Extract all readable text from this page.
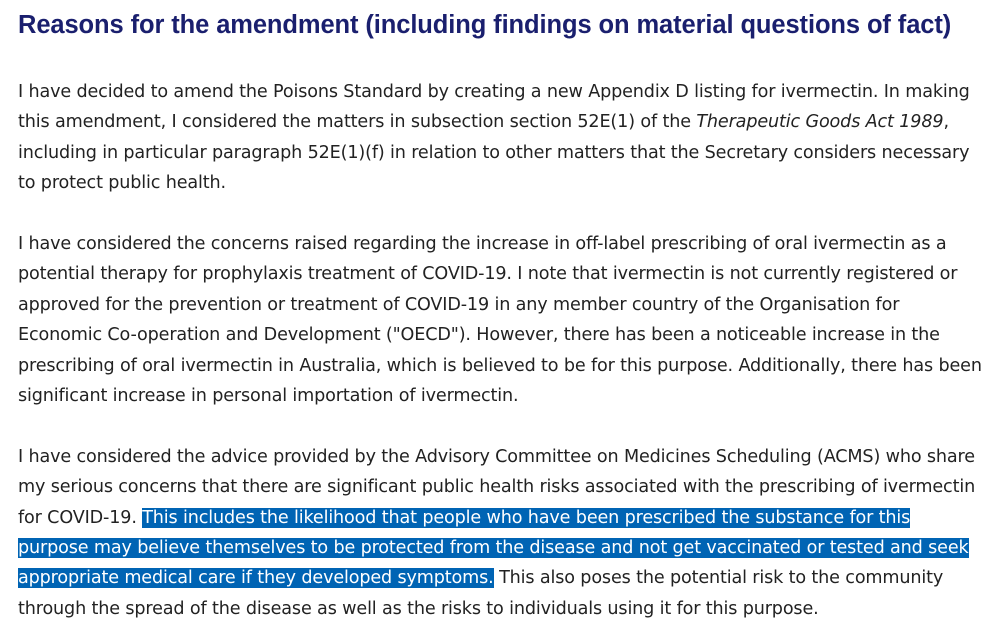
Reasons for the amendment (including findings on material questions of fact)

I have decided to amend the Poisons Standard by creating a new Appendix D listing for ivermectin. In making this amendment, I considered the matters in subsection section 52E(1) of the Therapeutic Goods Act 1989, including in particular paragraph 52E(1)(f) in relation to other matters that the Secretary considers necessary to protect public health.

I have considered the concerns raised regarding the increase in off-label prescribing of oral ivermectin as a potential therapy for prophylaxis treatment of COVID-19. I note that ivermectin is not currently registered or approved for the prevention or treatment of COVID-19 in any member country of the Organisation for Economic Co-operation and Development ("OECD"). However, there has been a noticeable increase in the prescribing of oral ivermectin in Australia, which is believed to be for this purpose. Additionally, there has been significant increase in personal importation of ivermectin.

I have considered the advice provided by the Advisory Committee on Medicines Scheduling (ACMS) who share my serious concerns that there are significant public health risks associated with the prescribing of ivermectin for COVID-19. This includes the likelihood that people who have been prescribed the substance for this purpose may believe themselves to be protected from the disease and not get vaccinated or tested and seek appropriate medical care if they developed symptoms. This also poses the potential risk to the community through the spread of the disease as well as the risks to individuals using it for this purpose.
